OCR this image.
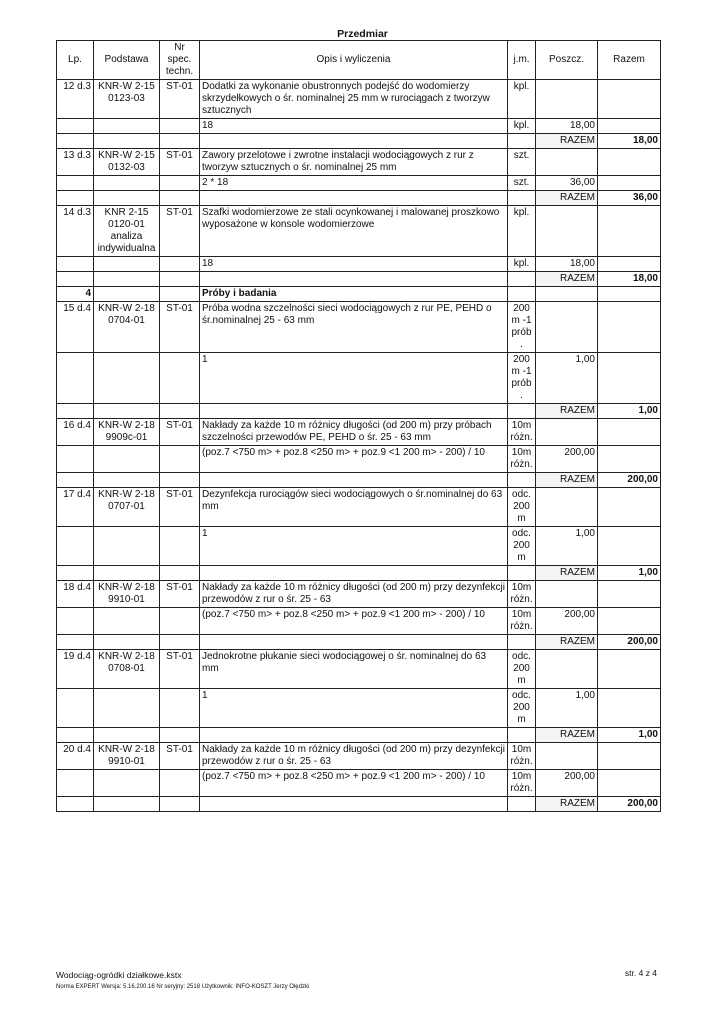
Przedmiar
Lp.	Podstawa	Nr spec. techn.	Opis i wyliczenia	j.m.	Poszcz.	Razem
12 d.3	KNR-W 2-15 0123-03	ST-01	Dodatki za wykonanie obustronnych podejść do wodomierzy skrzydełkowych o śr. nominalnej 25 mm w rurociągach z tworzyw sztucznych	kpl.		
			18	kpl.	18,00	
					RAZEM	18,00
13 d.3	KNR-W 2-15 0132-03	ST-01	Zawory przelotowe i zwrotne instalacji wodociągowych z rur z tworzyw sztucznych o śr. nominalnej 25 mm	szt.		
			2 * 18	szt.	36,00	
					RAZEM	36,00
14 d.3	KNR 2-15 0120-01 analiza indywidualna	ST-01	Szafki wodomierzowe ze stali ocynkowanej i malowanej proszkowo wyposażone w konsole wodomierzowe	kpl.		
			18	kpl.	18,00	
					RAZEM	18,00
4			Próby i badania			
15 d.4	KNR-W 2-18 0704-01	ST-01	Próba wodna szczelności sieci wodociągowych z rur PE, PEHD o śr.nominalnej 25 - 63 mm	200 m -1 prób .		
			1	200 m -1 prób .	1,00	
					RAZEM	1,00
16 d.4	KNR-W 2-18 9909c-01	ST-01	Nakłady za każde 10 m różnicy długości (od 200 m) przy próbach szczelności przewodów PE, PEHD o śr. 25 - 63 mm	10m różn.		
			(poz.7 <750 m> + poz.8 <250 m> + poz.9 <1 200 m> - 200) / 10	10m różn.	200,00	
					RAZEM	200,00
17 d.4	KNR-W 2-18 0707-01	ST-01	Dezynfekcja rurociągów sieci wodociągowych o śr.nominalnej do 63 mm	odc. 200 m		
			1	odc. 200 m	1,00	
					RAZEM	1,00
18 d.4	KNR-W 2-18 9910-01	ST-01	Nakłady za każde 10 m różnicy długości (od 200 m) przy dezynfekcji przewodów z rur o śr. 25 - 63	10m różn.		
			(poz.7 <750 m> + poz.8 <250 m> + poz.9 <1 200 m> - 200) / 10	10m różn.	200,00	
					RAZEM	200,00
19 d.4	KNR-W 2-18 0708-01	ST-01	Jednokrotne płukanie sieci wodociągowej o śr. nominalnej do 63 mm	odc. 200 m		
			1	odc. 200 m	1,00	
					RAZEM	1,00
20 d.4	KNR-W 2-18 9910-01	ST-01	Nakłady za każde 10 m różnicy długości (od 200 m) przy dezynfekcji przewodów z rur o śr. 25 - 63	10m różn.		
			(poz.7 <750 m> + poz.8 <250 m> + poz.9 <1 200 m> - 200) / 10	10m różn.	200,00	
					RAZEM	200,00
Wodociąg-ogródki działkowe.kstx
Norma EXPERT Wersja: 5.16.200.16 Nr seryjny: 2518 Użytkownik: INFO-KOSZT Jerzy Olędzki
str. 4 z 4
